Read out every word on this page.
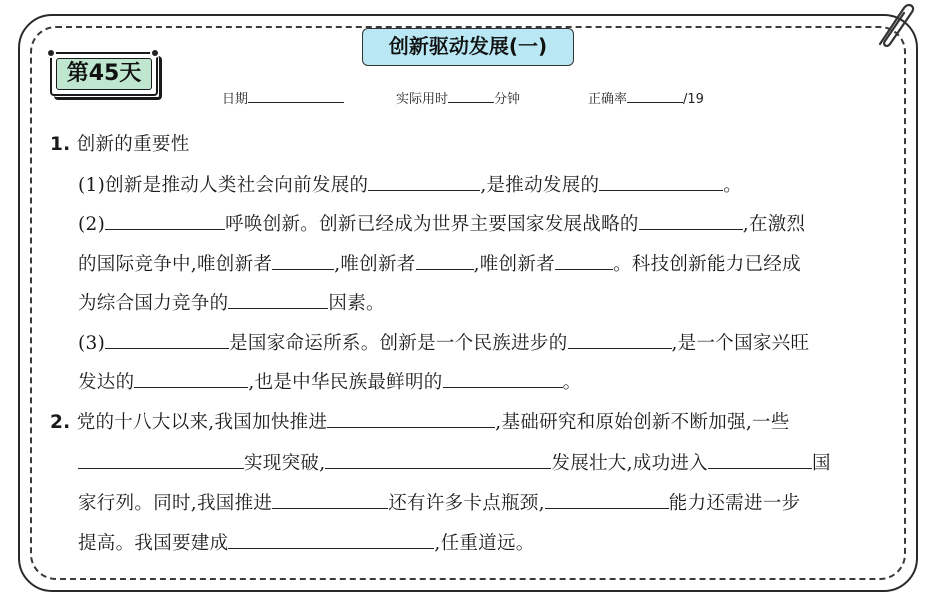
创新驱动发展(一)
第45天
日期	实际用时	分钟	正确率	/19
1. 创新的重要性
(1)创新是推动人类社会向前发展的	,是推动发展的	。
(2)	呼唤创新。创新已经成为世界主要国家发展战略的	,在激烈
的国际竞争中,唯创新者	,唯创新者	,唯创新者	。科技创新能力已经成
为综合国力竞争的	因素。
(3)	是国家命运所系。创新是一个民族进步的	,是一个国家兴旺
发达的	,也是中华民族最鲜明的	。
2. 党的十八大以来,我国加快推进	,基础研究和原始创新不断加强,一些
实现突破,	发展壮大,成功进入	国
家行列。同时,我国推进	还有许多卡点瓶颈,	能力还需进一步
提高。我国要建成	,任重道远。
